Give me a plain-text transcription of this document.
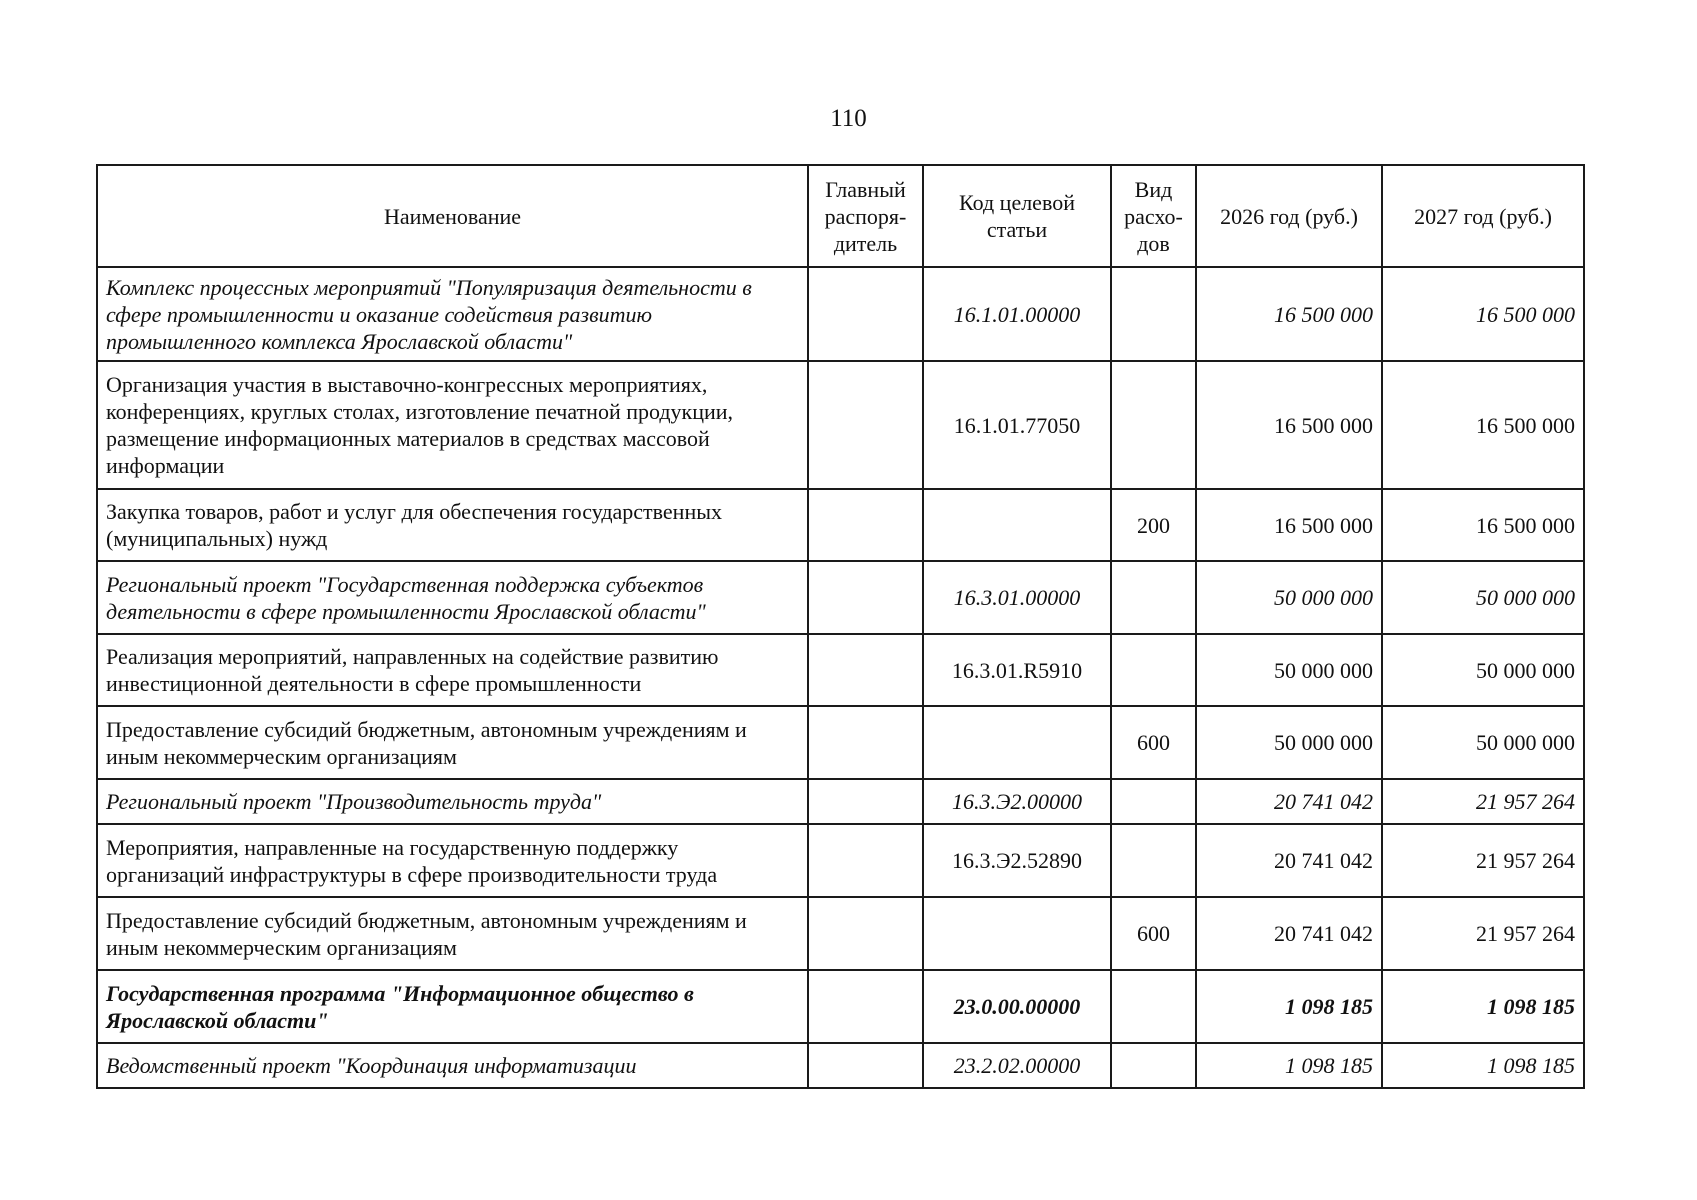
110
Наименование	Главный распоря-дитель	Код целевой статьи	Вид расхо-дов	2026 год (руб.)	2027 год (руб.)
Комплекс процессных мероприятий "Популяризация деятельности в сфере промышленности и оказание содействия развитию промышленного комплекса Ярославской области"		16.1.01.00000		16 500 000	16 500 000
Организация участия в выставочно-конгрессных мероприятиях, конференциях, круглых столах, изготовление печатной продукции, размещение информационных материалов в средствах массовой информации		16.1.01.77050		16 500 000	16 500 000
Закупка товаров, работ и услуг для обеспечения государственных (муниципальных) нужд			200	16 500 000	16 500 000
Региональный проект "Государственная поддержка субъектов деятельности в сфере промышленности Ярославской области"		16.3.01.00000		50 000 000	50 000 000
Реализация мероприятий, направленных на содействие развитию инвестиционной деятельности в сфере промышленности		16.3.01.R5910		50 000 000	50 000 000
Предоставление субсидий бюджетным, автономным учреждениям и иным некоммерческим организациям			600	50 000 000	50 000 000
Региональный проект "Производительность труда"		16.3.Э2.00000		20 741 042	21 957 264
Мероприятия, направленные на государственную поддержку организаций инфраструктуры в сфере производительности труда		16.3.Э2.52890		20 741 042	21 957 264
Предоставление субсидий бюджетным, автономным учреждениям и иным некоммерческим организациям			600	20 741 042	21 957 264
Государственная программа "Информационное общество в Ярославской области"		23.0.00.00000		1 098 185	1 098 185
Ведомственный проект "Координация информатизации		23.2.02.00000		1 098 185	1 098 185
